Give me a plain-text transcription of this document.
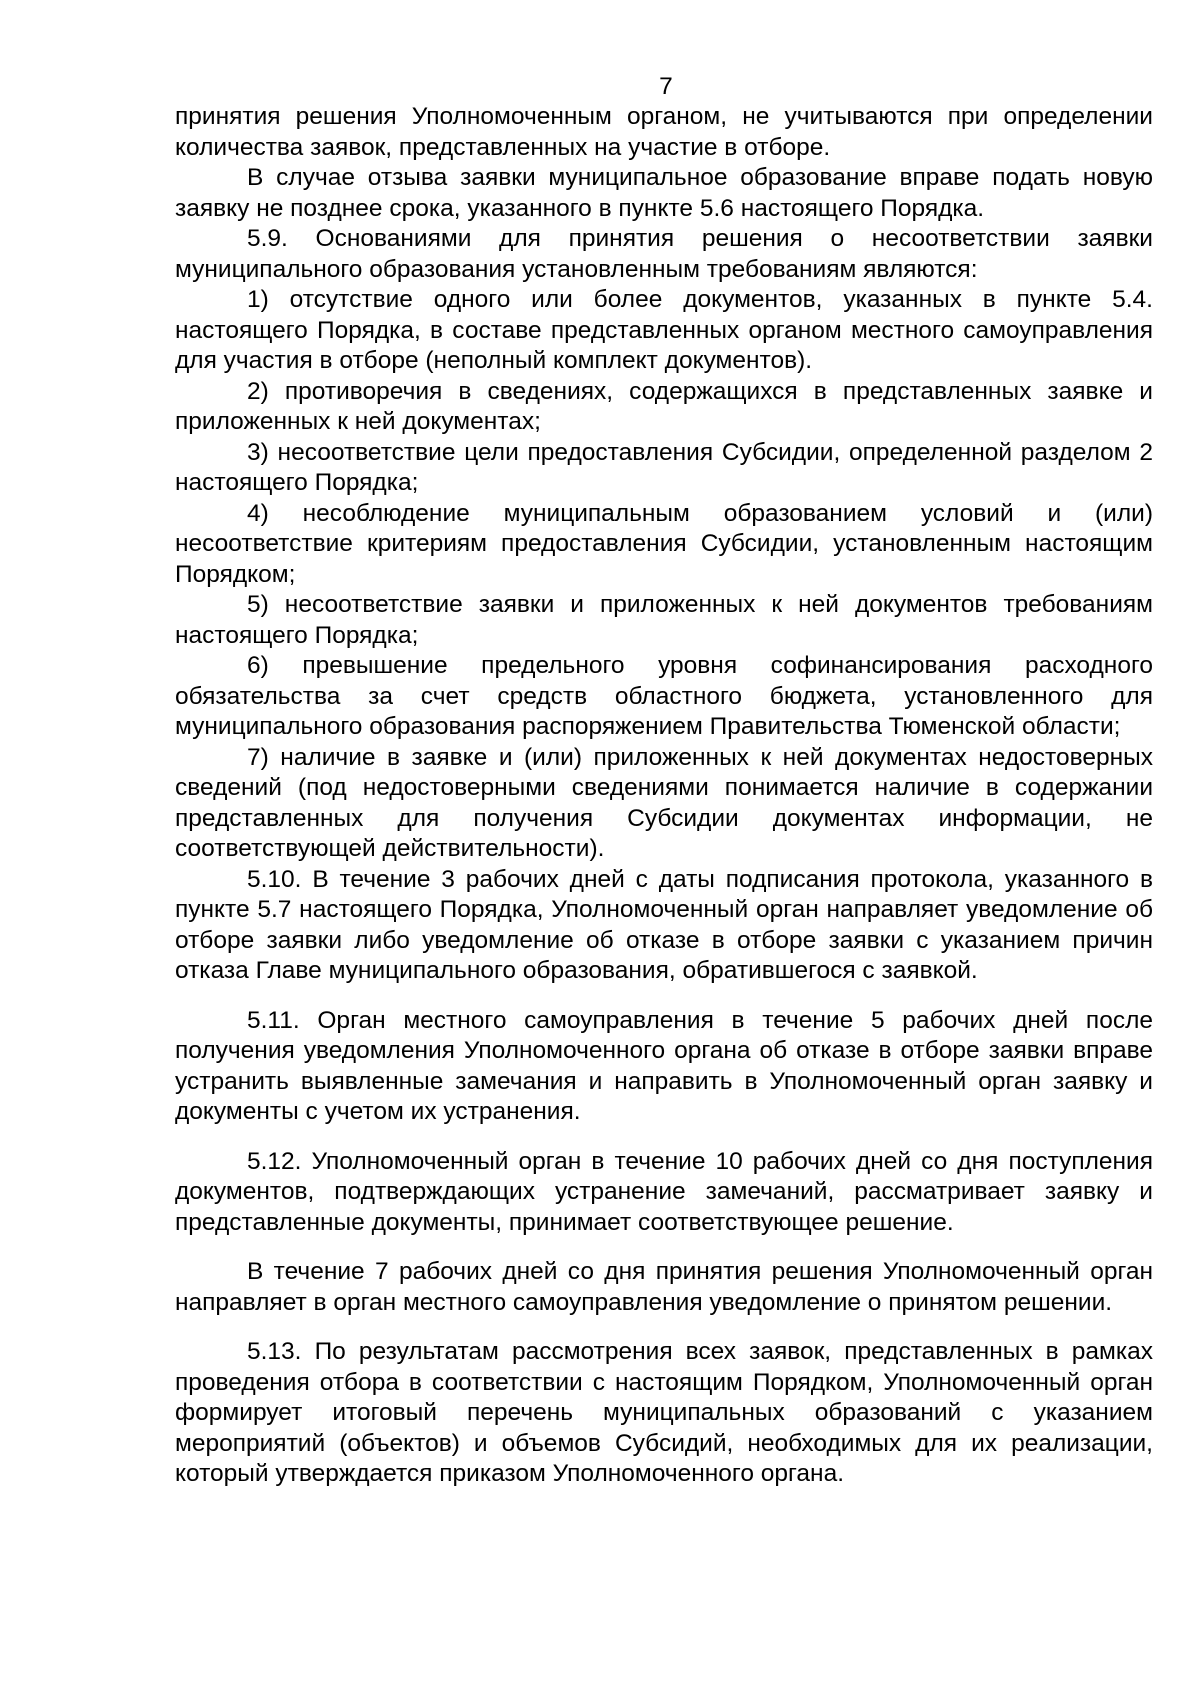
7

принятия решения Уполномоченным органом, не учитываются при определении количества заявок, представленных на участие в отборе.

В случае отзыва заявки муниципальное образование вправе подать новую заявку не позднее срока, указанного в пункте 5.6 настоящего Порядка.

5.9. Основаниями для принятия решения о несоответствии заявки муниципального образования установленным требованиям являются:

1) отсутствие одного или более документов, указанных в пункте 5.4. настоящего Порядка, в составе представленных органом местного самоуправления для участия в отборе (неполный комплект документов).

2) противоречия в сведениях, содержащихся в представленных заявке и приложенных к ней документах;

3) несоответствие цели предоставления Субсидии, определенной разделом 2 настоящего Порядка;

4) несоблюдение муниципальным образованием условий и (или) несоответствие критериям предоставления Субсидии, установленным настоящим Порядком;

5) несоответствие заявки и приложенных к ней документов требованиям настоящего Порядка;

6) превышение предельного уровня софинансирования расходного обязательства за счет средств областного бюджета, установленного для муниципального образования распоряжением Правительства Тюменской области;

7) наличие в заявке и (или) приложенных к ней документах недостоверных сведений (под недостоверными сведениями понимается наличие в содержании представленных для получения Субсидии документах информации, не соответствующей действительности).

5.10. В течение 3 рабочих дней с даты подписания протокола, указанного в пункте 5.7 настоящего Порядка, Уполномоченный орган направляет уведомление об отборе заявки либо уведомление об отказе в отборе заявки с указанием причин отказа Главе муниципального образования, обратившегося с заявкой.

5.11. Орган местного самоуправления в течение 5 рабочих дней после получения уведомления Уполномоченного органа об отказе в отборе заявки вправе устранить выявленные замечания и направить в Уполномоченный орган заявку и документы с учетом их устранения.

5.12. Уполномоченный орган в течение 10 рабочих дней со дня поступления документов, подтверждающих устранение замечаний, рассматривает заявку и представленные документы, принимает соответствующее решение.

В течение 7 рабочих дней со дня принятия решения Уполномоченный орган направляет в орган местного самоуправления уведомление о принятом решении.

5.13. По результатам рассмотрения всех заявок, представленных в рамках проведения отбора в соответствии с настоящим Порядком, Уполномоченный орган формирует итоговый перечень муниципальных образований с указанием мероприятий (объектов) и объемов Субсидий, необходимых для их реализации, который утверждается приказом Уполномоченного органа.
